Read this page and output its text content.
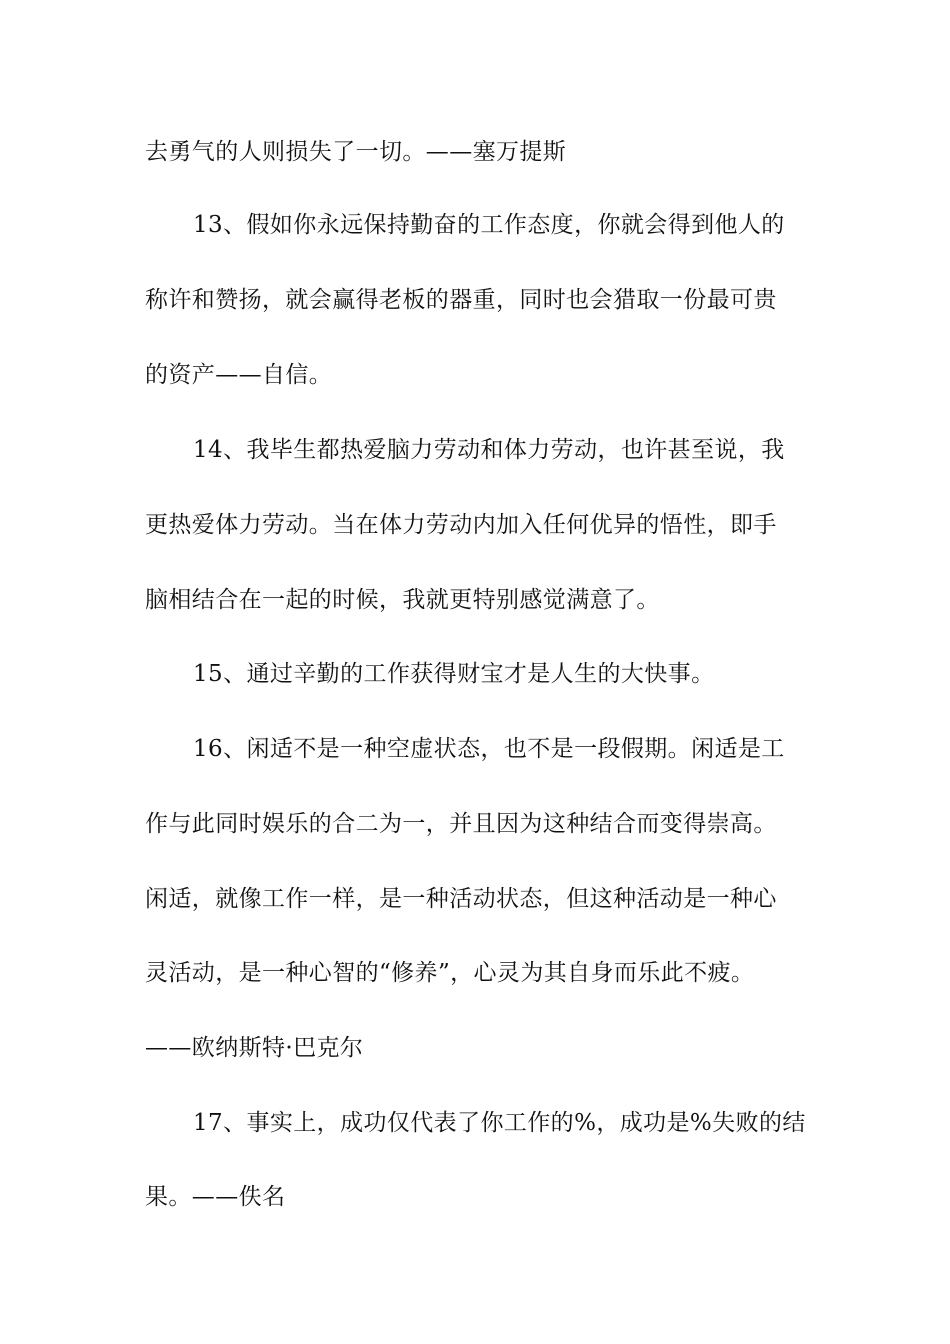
去勇气的人则损失了一切。——塞万提斯
13、假如你永远保持勤奋的工作态度，你就会得到他人的
称许和赞扬，就会赢得老板的器重，同时也会猎取一份最可贵
的资产——自信。
14、我毕生都热爱脑力劳动和体力劳动，也许甚至说，我
更热爱体力劳动。当在体力劳动内加入任何优异的悟性，即手
脑相结合在一起的时候，我就更特别感觉满意了。
15、通过辛勤的工作获得财宝才是人生的大快事。
16、闲适不是一种空虚状态，也不是一段假期。闲适是工
作与此同时娱乐的合二为一，并且因为这种结合而变得崇高。
闲适，就像工作一样，是一种活动状态，但这种活动是一种心
灵活动，是一种心智的“修养”，心灵为其自身而乐此不疲。
——欧纳斯特·巴克尔
17、事实上，成功仅代表了你工作的%，成功是%失败的结
果。——佚名
